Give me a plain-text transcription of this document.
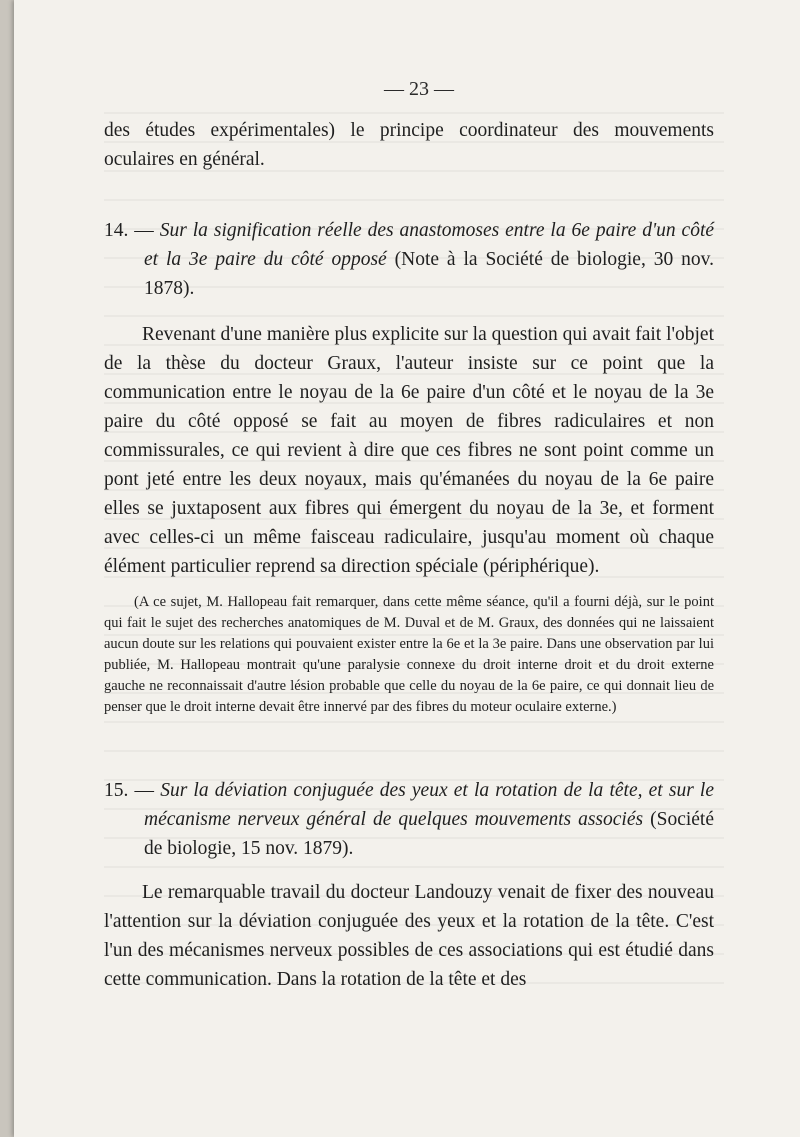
— 23 —

des études expérimentales) le principe coordinateur des mouvements oculaires en général.

14. — Sur la signification réelle des anastomoses entre la 6e paire d'un côté et la 3e paire du côté opposé (Note à la Société de biologie, 30 nov. 1878).

Revenant d'une manière plus explicite sur la question qui avait fait l'objet de la thèse du docteur Graux, l'auteur insiste sur ce point que la communication entre le noyau de la 6e paire d'un côté et le noyau de la 3e paire du côté opposé se fait au moyen de fibres radiculaires et non commissurales, ce qui revient à dire que ces fibres ne sont point comme un pont jeté entre les deux noyaux, mais qu'émanées du noyau de la 6e paire elles se juxtaposent aux fibres qui émergent du noyau de la 3e, et forment avec celles-ci un même faisceau radiculaire, jusqu'au moment où chaque élément particulier reprend sa direction spéciale (périphérique).

(A ce sujet, M. Hallopeau fait remarquer, dans cette même séance, qu'il a fourni déjà, sur le point qui fait le sujet des recherches anatomiques de M. Duval et de M. Graux, des données qui ne laissaient aucun doute sur les relations qui pouvaient exister entre la 6e et la 3e paire. Dans une observation par lui publiée, M. Hallopeau montrait qu'une paralysie connexe du droit interne droit et du droit externe gauche ne reconnaissait d'autre lésion probable que celle du noyau de la 6e paire, ce qui donnait lieu de penser que le droit interne devait être innervé par des fibres du moteur oculaire externe.)

15. — Sur la déviation conjuguée des yeux et la rotation de la tête, et sur le mécanisme nerveux général de quelques mouvements associés (Société de biologie, 15 nov. 1879).

Le remarquable travail du docteur Landouzy venait de fixer des nouveau l'attention sur la déviation conjuguée des yeux et la rotation de la tête. C'est l'un des mécanismes nerveux possibles de ces associations qui est étudié dans cette communication. Dans la rotation de la tête et des
